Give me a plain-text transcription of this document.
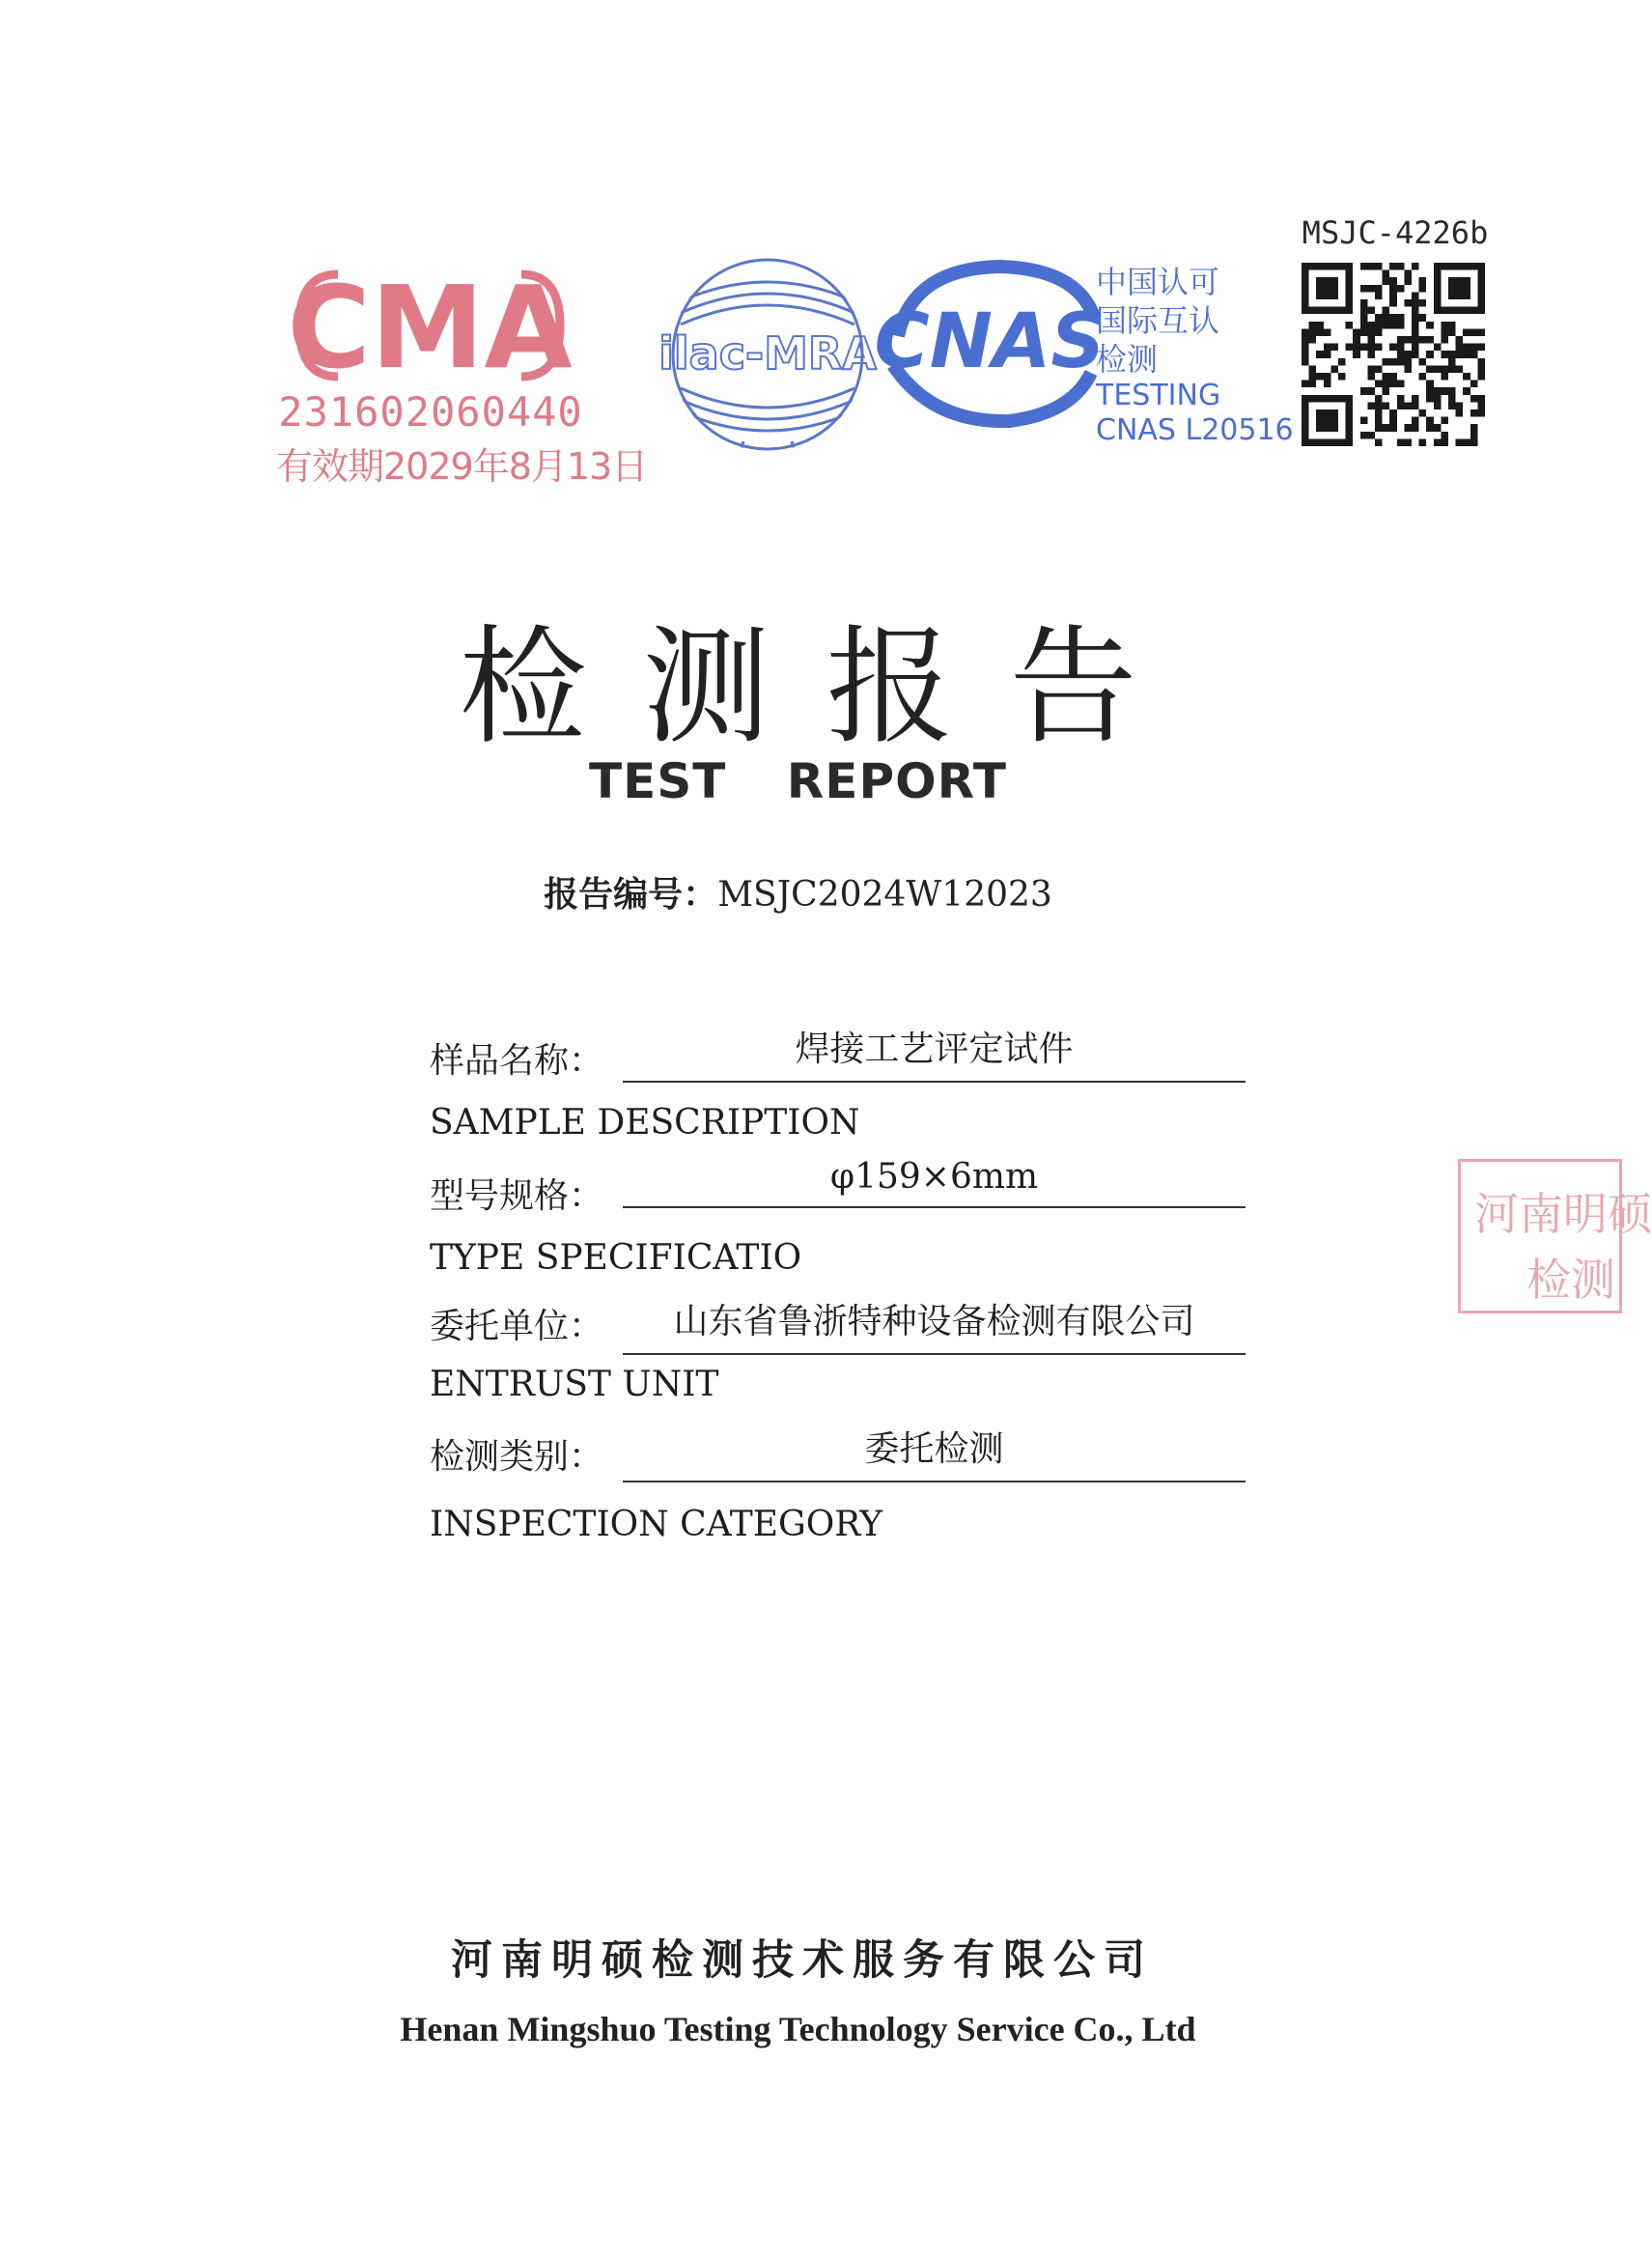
CMA
231602060440
有效期2029年8月13日
ilac-MRA
CNAS
中国认可
国际互认
检测
TESTING
CNAS L20516
MSJC-4226b
检测报告
TEST REPORT
报告编号：MSJC2024W12023
样品名称：	焊接工艺评定试件
SAMPLE DESCRIPTION
型号规格：	φ159×6mm
TYPE SPECIFICATIO
委托单位：	山东省鲁浙特种设备检测有限公司
ENTRUST UNIT
检测类别：	委托检测
INSPECTION CATEGORY
河南明硕
检测
河南明硕检测技术服务有限公司
Henan Mingshuo Testing Technology Service Co., Ltd
